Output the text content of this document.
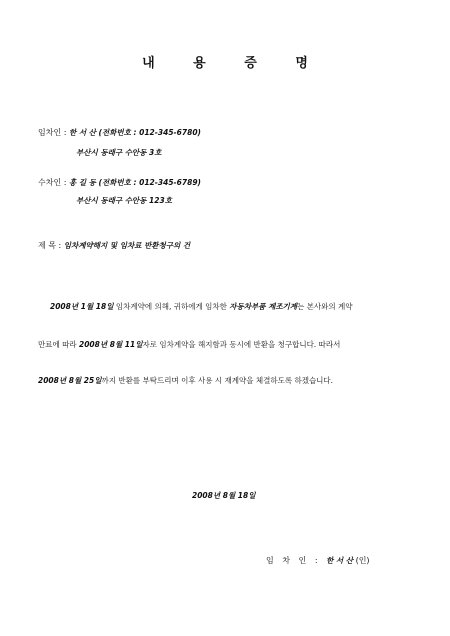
내 용 증 명
임차인 : 한 서 산 (전화번호 : 012-345-6780)
부산시 동래구 수안동 3호
수차인 : 홍 길 동 (전화번호 : 012-345-6789)
부산시 동래구 수안동 123호
제 목 : 임차계약해지 및 임차료 반환청구의 건
2008년 1월 18일 임차계약에 의해, 귀하에게 임차한 자동차부품 제조기계는 본사와의 계약
만료에 따라 2008년 8월 11일자로 임차계약을 해지함과 동시에 반환을 청구합니다. 따라서
2008년 8월 25일까지 반환를 부탁드리며 이후 사용 시 재계약을 체결하도록 하겠습니다.
2008년 8월 18일
임 차 인 : 한 서 산 (인)
